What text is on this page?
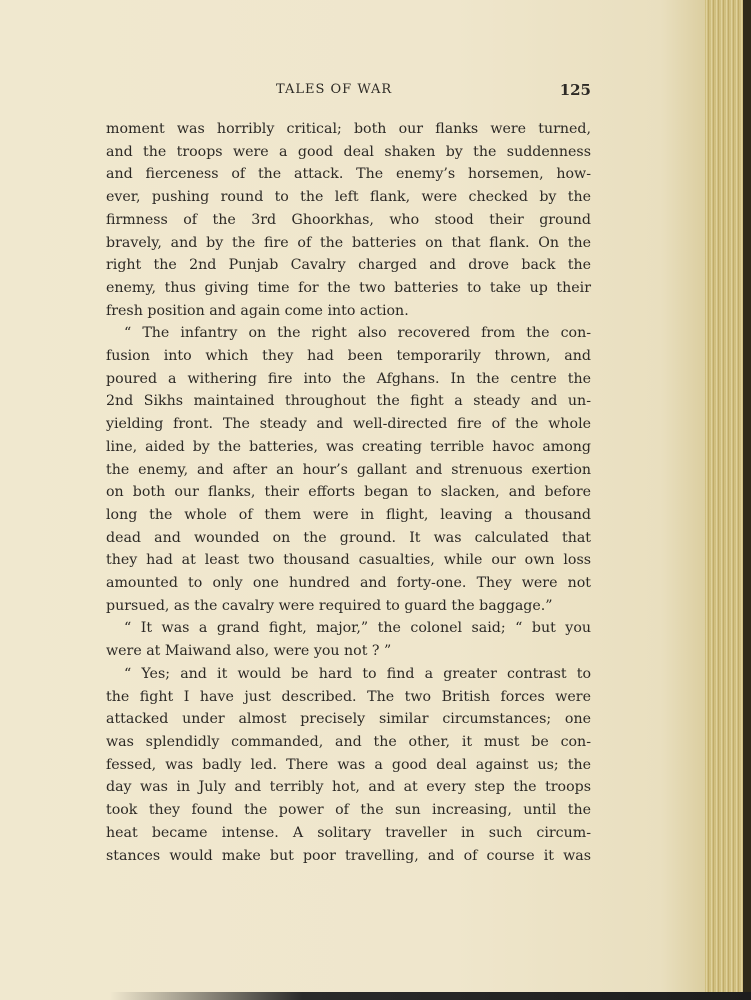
TALES OF WAR	125
moment was horribly critical; both our flanks were turned,
and the troops were a good deal shaken by the suddenness
and fierceness of the attack. The enemy’s horsemen, how-
ever, pushing round to the left flank, were checked by the
firmness of the 3rd Ghoorkhas, who stood their ground
bravely, and by the fire of the batteries on that flank. On the
right the 2nd Punjab Cavalry charged and drove back the
enemy, thus giving time for the two batteries to take up their
fresh position and again come into action.
“ The infantry on the right also recovered from the con-
fusion into which they had been temporarily thrown, and
poured a withering fire into the Afghans. In the centre the
2nd Sikhs maintained throughout the fight a steady and un-
yielding front. The steady and well-directed fire of the whole
line, aided by the batteries, was creating terrible havoc among
the enemy, and after an hour’s gallant and strenuous exertion
on both our flanks, their efforts began to slacken, and before
long the whole of them were in flight, leaving a thousand
dead and wounded on the ground. It was calculated that
they had at least two thousand casualties, while our own loss
amounted to only one hundred and forty-one. They were not
pursued, as the cavalry were required to guard the baggage.”
“ It was a grand fight, major,” the colonel said; “ but you
were at Maiwand also, were you not ? ”
“ Yes; and it would be hard to find a greater contrast to
the fight I have just described. The two British forces were
attacked under almost precisely similar circumstances; one
was splendidly commanded, and the other, it must be con-
fessed, was badly led. There was a good deal against us; the
day was in July and terribly hot, and at every step the troops
took they found the power of the sun increasing, until the
heat became intense. A solitary traveller in such circum-
stances would make but poor travelling, and of course it was
